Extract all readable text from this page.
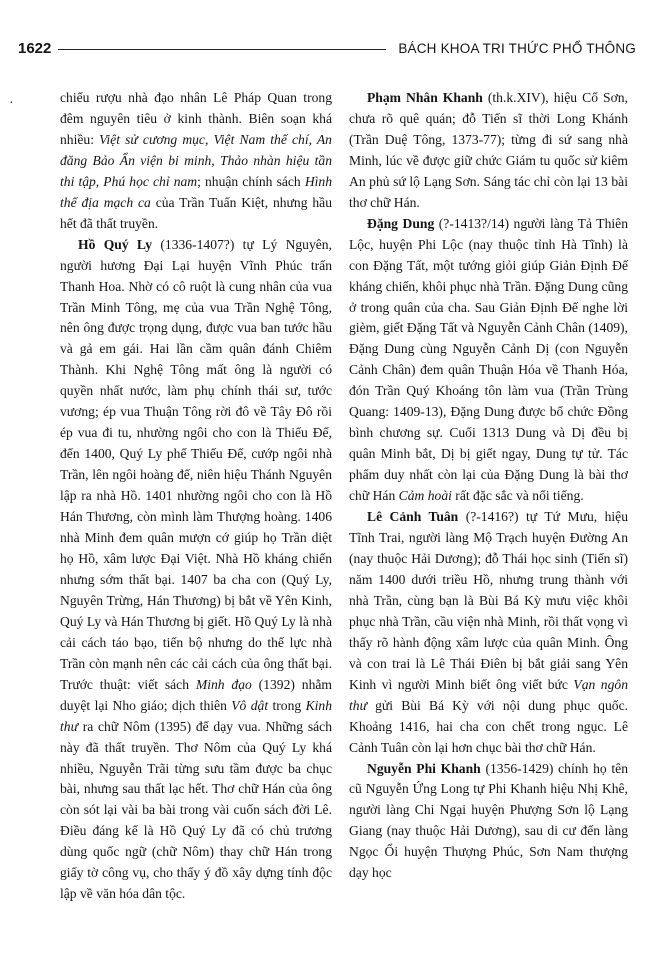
1622	BÁCH KHOA TRI THỨC PHỔ THÔNG
·	chiếu rượu nhà đạo nhân Lê Pháp Quan trong đêm nguyên tiêu ở kinh thành. Biên soạn khá nhiều: Việt sử cương mục, Việt Nam thế chí, An đăng Bảo Ẩn viện bi minh, Thảo nhàn hiệu tần thi tập, Phú học chỉ nam; nhuận chính sách Hình thế địa mạch ca của Trần Tuấn Kiệt, nhưng hầu hết đã thất truyền.

Hồ Quý Ly (1336-1407?) tự Lý Nguyên, người hương Đại Lại huyện Vĩnh Phúc trấn Thanh Hoa. Nhờ có cô ruột là cung nhân của vua Trần Minh Tông, mẹ của vua Trần Nghệ Tông, nên ông được trọng dụng, được vua ban tước hầu và gả em gái. Hai lần cầm quân đánh Chiêm Thành. Khi Nghệ Tông mất ông là người có quyền nhất nước, làm phụ chính thái sư, tước vương; ép vua Thuận Tông rời đô về Tây Đô rồi ép vua đi tu, nhường ngôi cho con là Thiếu Đế, đến 1400, Quý Ly phế Thiếu Đế, cướp ngôi nhà Trần, lên ngôi hoàng đế, niên hiệu Thánh Nguyên lập ra nhà Hồ. 1401 nhường ngôi cho con là Hồ Hán Thương, còn mình làm Thượng hoàng. 1406 nhà Minh đem quân mượn cớ giúp họ Trần diệt họ Hồ, xâm lược Đại Việt. Nhà Hồ kháng chiến nhưng sớm thất bại. 1407 ba cha con (Quý Ly, Nguyên Trừng, Hán Thương) bị bắt về Yên Kinh, Quý Ly và Hán Thương bị giết. Hồ Quý Ly là nhà cải cách táo bạo, tiến bộ nhưng do thế lực nhà Trần còn mạnh nên các cải cách của ông thất bại. Trước thuật: viết sách Minh đạo (1392) nhằm duyệt lại Nho giáo; dịch thiên Vô dật trong Kinh thư ra chữ Nôm (1395) để dạy vua. Những sách này đã thất truyền. Thơ Nôm của Quý Ly khá nhiều, Nguyễn Trãi từng sưu tầm được ba chục bài, nhưng sau thất lạc hết. Thơ chữ Hán của ông còn sót lại vài ba bài trong vài cuốn sách đời Lê. Điều đáng kể là Hồ Quý Ly đã có chủ trương dùng quốc ngữ (chữ Nôm) thay chữ Hán trong giấy tờ công vụ, cho thấy ý đồ xây dựng tính độc lập về văn hóa dân tộc.

Phạm Nhân Khanh (th.k.XIV), hiệu Cổ Sơn, chưa rõ quê quán; đỗ Tiến sĩ thời Long Khánh (Trần Duệ Tông, 1373-77); từng đi sứ sang nhà Minh, lúc về được giữ chức Giám tu quốc sử kiêm An phủ sứ lộ Lạng Sơn. Sáng tác chỉ còn lại 13 bài thơ chữ Hán.

Đặng Dung (?-1413?/14) người làng Tả Thiên Lộc, huyện Phi Lộc (nay thuộc tỉnh Hà Tĩnh) là con Đặng Tất, một tướng giỏi giúp Giản Định Đế kháng chiến, khôi phục nhà Trần. Đặng Dung cũng ở trong quân của cha. Sau Giản Định Đế nghe lời gièm, giết Đặng Tất và Nguyễn Cảnh Chân (1409), Đặng Dung cùng Nguyễn Cảnh Dị (con Nguyễn Cảnh Chân) đem quân Thuận Hóa về Thanh Hóa, đón Trần Quý Khoáng tôn làm vua (Trần Trùng Quang: 1409-13), Đặng Dung được bổ chức Đồng bình chương sự. Cuối 1313 Dung và Dị đều bị quân Minh bắt, Dị bị giết ngay, Dung tự tử. Tác phẩm duy nhất còn lại của Đặng Dung là bài thơ chữ Hán Cảm hoài rất đặc sắc và nổi tiếng.

Lê Cảnh Tuân (?-1416?) tự Tứ Mưu, hiệu Tĩnh Trai, người làng Mộ Trạch huyện Đường An (nay thuộc Hải Dương); đỗ Thái học sinh (Tiến sĩ) năm 1400 dưới triều Hồ, nhưng trung thành với nhà Trần, cùng bạn là Bùi Bá Kỳ mưu việc khôi phục nhà Trần, cầu viện nhà Minh, rồi thất vọng vì thấy rõ hành động xâm lược của quân Minh. Ông và con trai là Lê Thái Điên bị bắt giải sang Yên Kinh vì người Minh biết ông viết bức Vạn ngôn thư gửi Bùi Bá Kỳ với nội dung phục quốc. Khoảng 1416, hai cha con chết trong ngục. Lê Cảnh Tuân còn lại hơn chục bài thơ chữ Hán.

Nguyễn Phi Khanh (1356-1429) chính họ tên cũ Nguyễn Ứng Long tự Phi Khanh hiệu Nhị Khê, người làng Chi Ngại huyện Phượng Sơn lộ Lạng Giang (nay thuộc Hải Dương), sau di cư đến làng Ngọc Ổi huyện Thượng Phúc, Sơn Nam thượng dạy học
